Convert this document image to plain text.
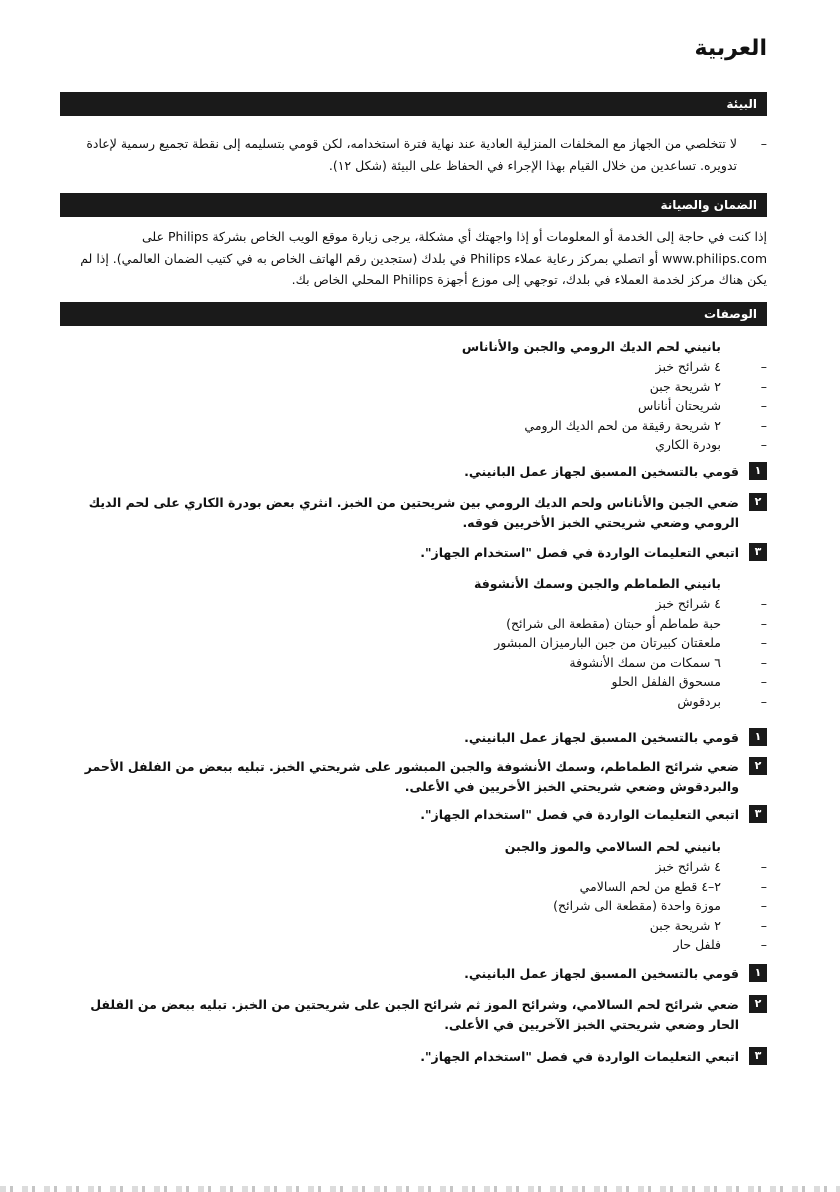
العربية
البيئة
–
لا تتخلصي من الجهاز مع المخلفات المنزلية العادية عند نهاية فترة استخدامه، لكن قومي بتسليمه إلى نقطة تجميع رسمية لإعادة تدويره. تساعدين من خلال القيام بهذا الإجراء في الحفاظ على البيئة (شكل ١٢).
الضمان والصيانة
إذا كنت في حاجة إلى الخدمة أو المعلومات أو إذا واجهتك أي مشكلة، يرجى زيارة موقع الويب الخاص بشركة Philips على www.philips.com أو اتصلي بمركز رعاية عملاء Philips في بلدك (ستجدين رقم الهاتف الخاص به في كتيب الضمان العالمي). إذا لم يكن هناك مركز لخدمة العملاء في بلدك، توجهي إلى موزع أجهزة Philips المحلي الخاص بك.
الوصفات
بانيني لحم الديك الرومي والجبن والأناناس
–
٤ شرائح خبز
–
٢ شريحة جبن
–
شريحتان أناناس
–
٢ شريحة رقيقة من لحم الديك الرومي
–
بودرة الكاري
١
قومي بالتسخين المسبق لجهاز عمل البانيني.
٢
ضعي الجبن والأناناس ولحم الديك الرومي بين شريحتين من الخبز. انثري بعض بودرة الكاري على لحم الديك الرومي وضعي شريحتي الخبز الأخريين فوقه.
٣
اتبعي التعليمات الواردة في فصل "استخدام الجهاز".
بانيني الطماطم والجبن وسمك الأنشوفة
–
٤ شرائح خبز
–
حبة طماطم أو حبتان (مقطعة الى شرائح)
–
ملعقتان كبيرتان من جبن البارميزان المبشور
–
٦ سمكات من سمك الأنشوفة
–
مسحوق الفلفل الحلو
–
بردقوش
١
قومي بالتسخين المسبق لجهاز عمل البانيني.
٢
ضعي شرائح الطماطم، وسمك الأنشوفة والجبن المبشور على شريحتي الخبز. تبليه ببعض من الفلفل الأحمر والبردقوش وضعي شريحتي الخبز الأخريين في الأعلى.
٣
اتبعي التعليمات الواردة في فصل "استخدام الجهاز".
بانيني لحم السالامي والموز والجبن
–
٤ شرائح خبز
–
٢–٤ قطع من لحم السالامي
–
موزة واحدة (مقطعة الى شرائح)
–
٢ شريحة جبن
–
فلفل حار
١
قومي بالتسخين المسبق لجهاز عمل البانيني.
٢
ضعي شرائح لحم السالامي، وشرائح الموز ثم شرائح الجبن على شريحتين من الخبز. تبليه ببعض من الفلفل الحار وضعي شريحتي الخبز الآخريين في الأعلى.
٣
اتبعي التعليمات الواردة في فصل "استخدام الجهاز".
